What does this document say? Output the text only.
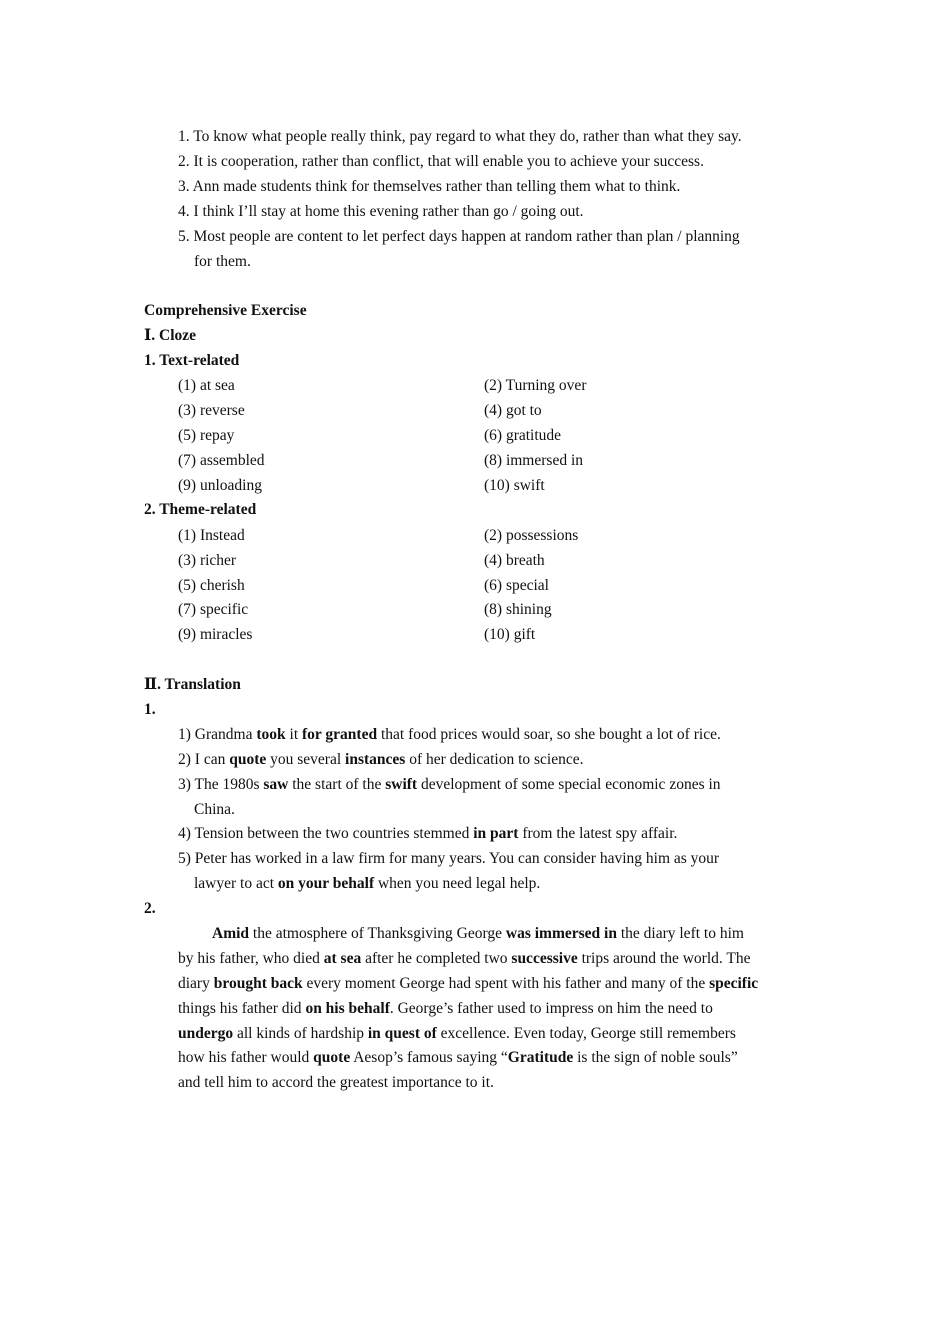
1. To know what people really think, pay regard to what they do, rather than what they say.
2. It is cooperation, rather than conflict, that will enable you to achieve your success.
3. Ann made students think for themselves rather than telling them what to think.
4. I think I’ll stay at home this evening rather than go / going out.
5. Most people are content to let perfect days happen at random rather than plan / planning
for them.
Comprehensive Exercise
Ⅰ. Cloze
1. Text-related
(1) at sea	(2) Turning over
(3) reverse	(4) got to
(5) repay	(6) gratitude
(7) assembled	(8) immersed in
(9) unloading	(10) swift
2. Theme-related
(1) Instead	(2) possessions
(3) richer	(4) breath
(5) cherish	(6) special
(7) specific	(8) shining
(9) miracles	(10) gift
Ⅱ. Translation
1.
1) Grandma took it for granted that food prices would soar, so she bought a lot of rice.
2) I can quote you several instances of her dedication to science.
3) The 1980s saw the start of the swift development of some special economic zones in
China.
4) Tension between the two countries stemmed in part from the latest spy affair.
5) Peter has worked in a law firm for many years. You can consider having him as your
lawyer to act on your behalf when you need legal help.
2.
Amid the atmosphere of Thanksgiving George was immersed in the diary left to him
by his father, who died at sea after he completed two successive trips around the world. The
diary brought back every moment George had spent with his father and many of the specific
things his father did on his behalf. George’s father used to impress on him the need to
undergo all kinds of hardship in quest of excellence. Even today, George still remembers
how his father would quote Aesop’s famous saying “Gratitude is the sign of noble souls”
and tell him to accord the greatest importance to it.
